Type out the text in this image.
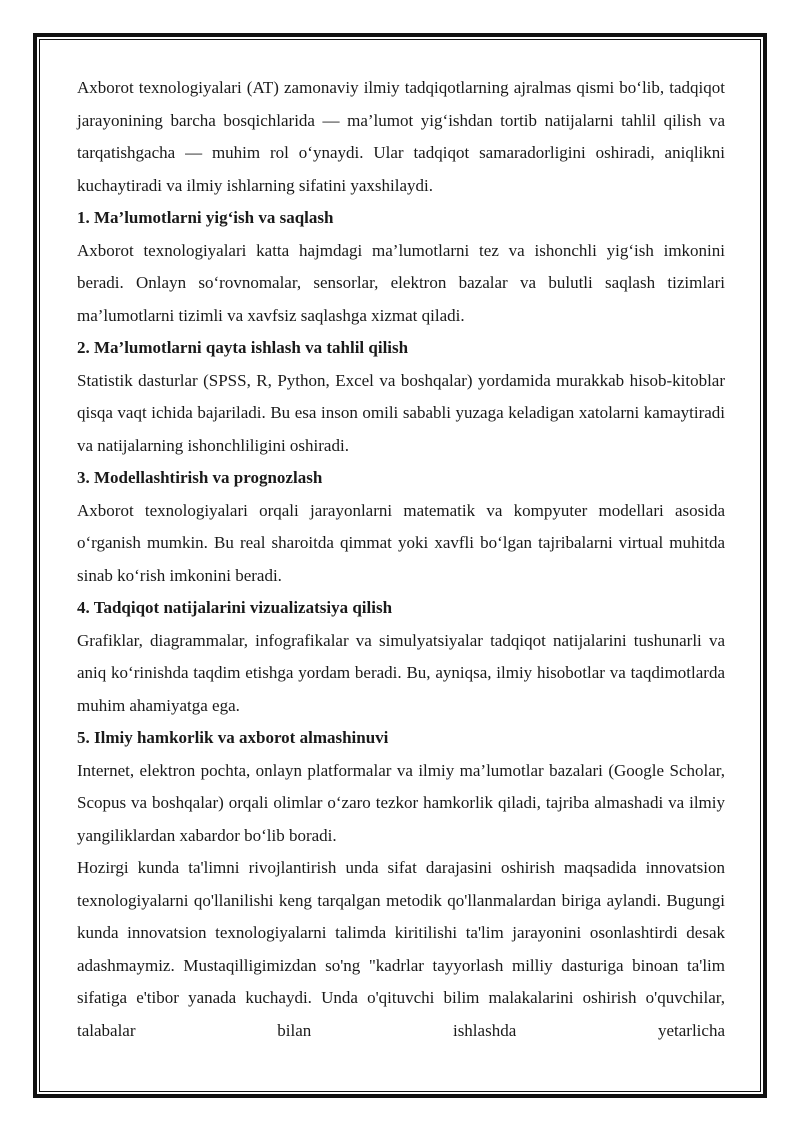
Axborot texnologiyalari (AT) zamonaviy ilmiy tadqiqotlarning ajralmas qismi bo‘lib, tadqiqot jarayonining barcha bosqichlarida — ma’lumot yig‘ishdan tortib natijalarni tahlil qilish va tarqatishgacha — muhim rol o‘ynaydi. Ular tadqiqot samaradorligini oshiradi, aniqlikni kuchaytiradi va ilmiy ishlarning sifatini yaxshilaydi.

1. Ma’lumotlarni yig‘ish va saqlash

Axborot texnologiyalari katta hajmdagi ma’lumotlarni tez va ishonchli yig‘ish imkonini beradi. Onlayn so‘rovnomalar, sensorlar, elektron bazalar va bulutli saqlash tizimlari ma’lumotlarni tizimli va xavfsiz saqlashga xizmat qiladi.

2. Ma’lumotlarni qayta ishlash va tahlil qilish

Statistik dasturlar (SPSS, R, Python, Excel va boshqalar) yordamida murakkab hisob-kitoblar qisqa vaqt ichida bajariladi. Bu esa inson omili sababli yuzaga keladigan xatolarni kamaytiradi va natijalarning ishonchliligini oshiradi.

3. Modellashtirish va prognozlash

Axborot texnologiyalari orqali jarayonlarni matematik va kompyuter modellari asosida o‘rganish mumkin. Bu real sharoitda qimmat yoki xavfli bo‘lgan tajribalarni virtual muhitda sinab ko‘rish imkonini beradi.

4. Tadqiqot natijalarini vizualizatsiya qilish

Grafiklar, diagrammalar, infografikalar va simulyatsiyalar tadqiqot natijalarini tushunarli va aniq ko‘rinishda taqdim etishga yordam beradi. Bu, ayniqsa, ilmiy hisobotlar va taqdimotlarda muhim ahamiyatga ega.

5. Ilmiy hamkorlik va axborot almashinuvi

Internet, elektron pochta, onlayn platformalar va ilmiy ma’lumotlar bazalari (Google Scholar, Scopus va boshqalar) orqali olimlar o‘zaro tezkor hamkorlik qiladi, tajriba almashadi va ilmiy yangiliklardan xabardor bo‘lib boradi.

Hozirgi kunda ta'limni rivojlantirish unda sifat darajasini oshirish maqsadida innovatsion texnologiyalarni qo'llanilishi keng tarqalgan metodik qo'llanmalardan biriga aylandi. Bugungi kunda innovatsion texnologiyalarni talimda kiritilishi ta'lim jarayonini osonlashtirdi desak adashmaymiz. Mustaqilligimizdan so'ng "kadrlar tayyorlash milliy dasturiga binoan ta'lim sifatiga e'tibor yanada kuchaydi. Unda o'qituvchi bilim malakalarini oshirish o'quvchilar, talabalar bilan ishlashda yetarlicha
